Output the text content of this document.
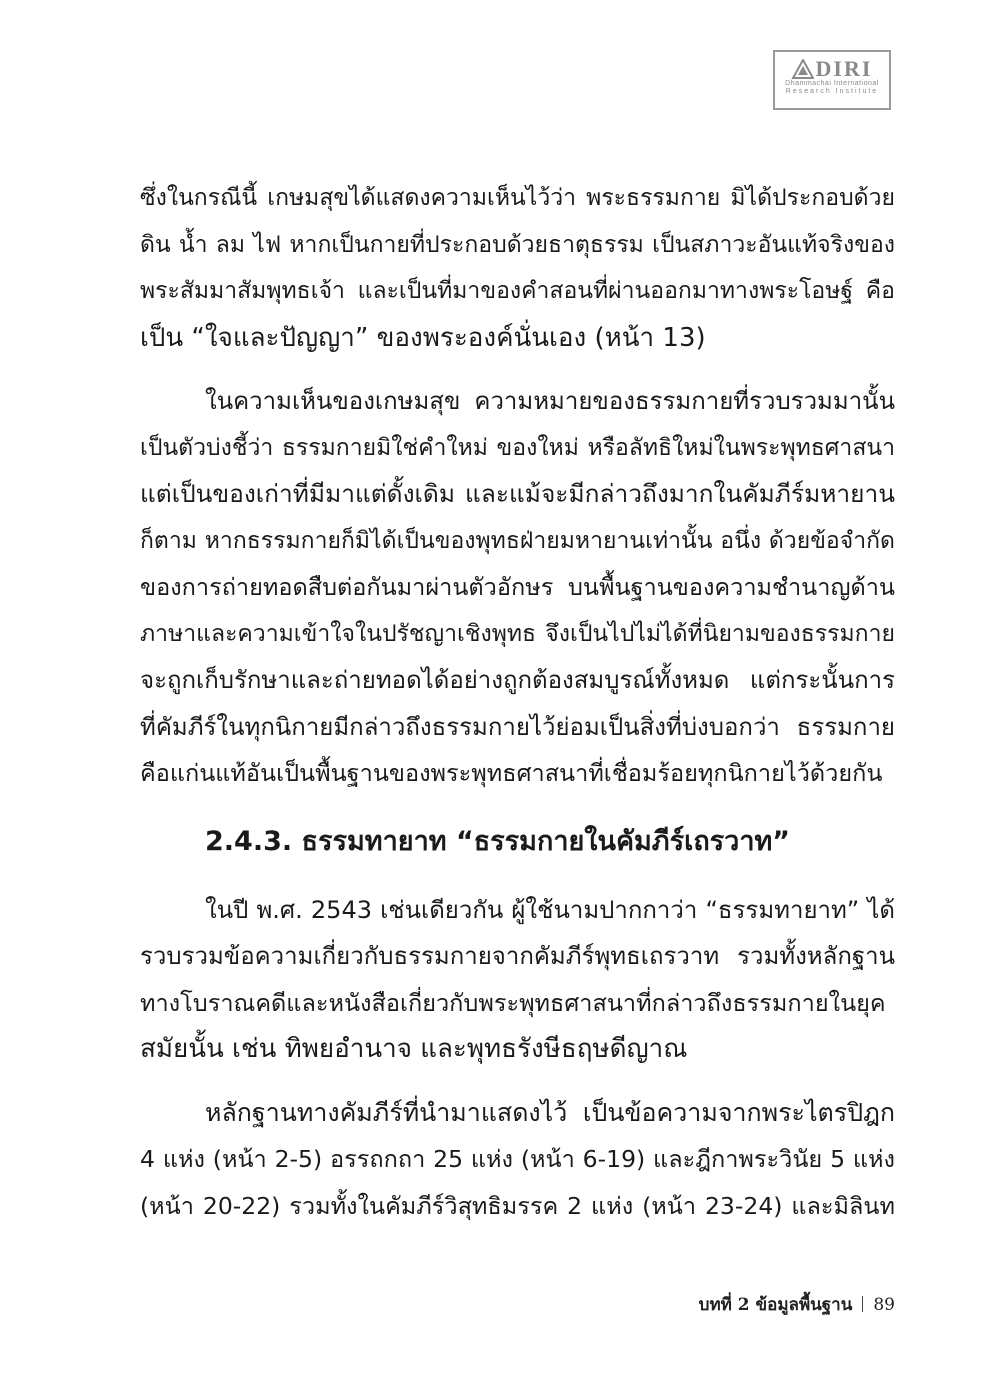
DIRI
Dhammachai International
Research Institute

ซึ่งในกรณีนี้ เกษมสุขได้แสดงความเห็นไว้ว่า พระธรรมกาย มิได้ประกอบด้วย

ดิน น้ำ ลม ไฟ หากเป็นกายที่ประกอบด้วยธาตุธรรม เป็นสภาวะอันแท้จริงของ

พระสัมมาสัมพุทธเจ้า และเป็นที่มาของคำสอนที่ผ่านออกมาทางพระโอษฐ์ คือ

เป็น “ใจและปัญญา” ของพระองค์นั่นเอง (หน้า 13)

ในความเห็นของเกษมสุข ความหมายของธรรมกายที่รวบรวมมานั้น

เป็นตัวบ่งชี้ว่า ธรรมกายมิใช่คำใหม่ ของใหม่ หรือลัทธิใหม่ในพระพุทธศาสนา

แต่เป็นของเก่าที่มีมาแต่ดั้งเดิม และแม้จะมีกล่าวถึงมากในคัมภีร์มหายาน

ก็ตาม หากธรรมกายก็มิได้เป็นของพุทธฝ่ายมหายานเท่านั้น อนึ่ง ด้วยข้อจำกัด

ของการถ่ายทอดสืบต่อกันมาผ่านตัวอักษร บนพื้นฐานของความชำนาญด้าน

ภาษาและความเข้าใจในปรัชญาเชิงพุทธ จึงเป็นไปไม่ได้ที่นิยามของธรรมกาย

จะถูกเก็บรักษาและถ่ายทอดได้อย่างถูกต้องสมบูรณ์ทั้งหมด แต่กระนั้นการ

ที่คัมภีร์ในทุกนิกายมีกล่าวถึงธรรมกายไว้ย่อมเป็นสิ่งที่บ่งบอกว่า ธรรมกาย

คือแก่นแท้อันเป็นพื้นฐานของพระพุทธศาสนาที่เชื่อมร้อยทุกนิกายไว้ด้วยกัน

2.4.3. ธรรมทายาท “ธรรมกายในคัมภีร์เถรวาท”

ในปี พ.ศ. 2543 เช่นเดียวกัน ผู้ใช้นามปากกาว่า “ธรรมทายาท” ได้

รวบรวมข้อความเกี่ยวกับธรรมกายจากคัมภีร์พุทธเถรวาท รวมทั้งหลักฐาน

ทางโบราณคดีและหนังสือเกี่ยวกับพระพุทธศาสนาที่กล่าวถึงธรรมกายในยุค

สมัยนั้น เช่น ทิพยอำนาจ และพุทธรังษีธฤษดีญาณ

หลักฐานทางคัมภีร์ที่นำมาแสดงไว้ เป็นข้อความจากพระไตรปิฎก

4 แห่ง (หน้า 2-5) อรรถกถา 25 แห่ง (หน้า 6-19) และฎีกาพระวินัย 5 แห่ง

(หน้า 20-22) รวมทั้งในคัมภีร์วิสุทธิมรรค 2 แห่ง (หน้า 23-24) และมิลินท

บทที่ 2 ข้อมูลพื้นฐาน 89
